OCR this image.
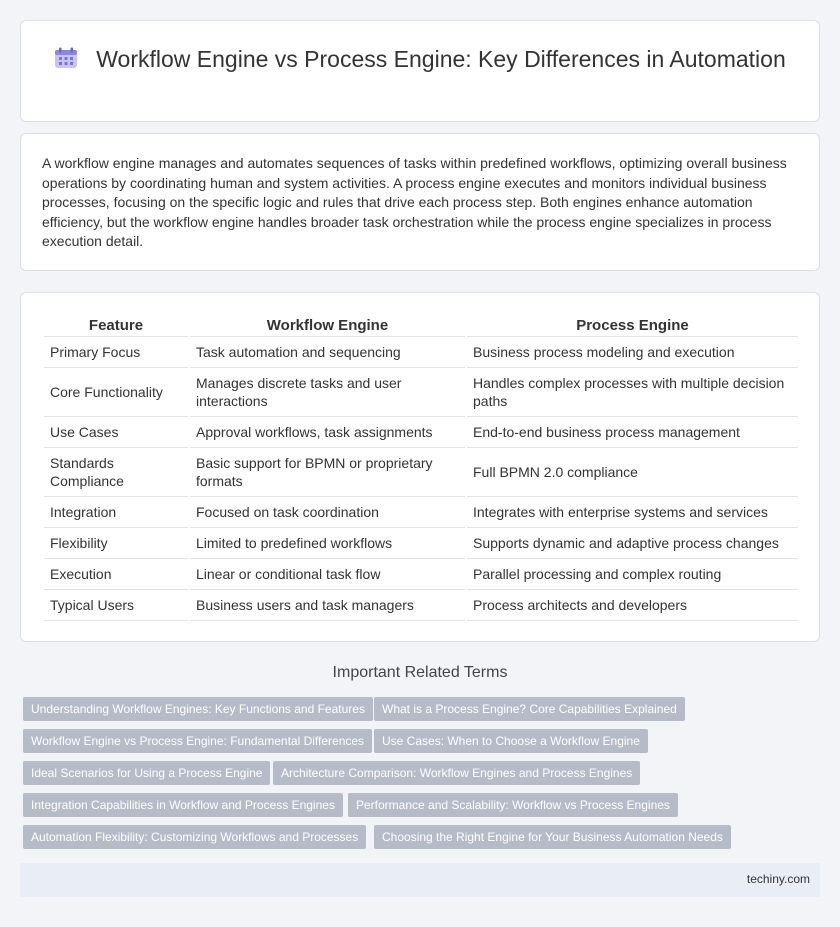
Workflow Engine vs Process Engine: Key Differences in Automation

A workflow engine manages and automates sequences of tasks within predefined workflows, optimizing overall business operations by coordinating human and system activities. A process engine executes and monitors individual business processes, focusing on the specific logic and rules that drive each process step. Both engines enhance automation efficiency, but the workflow engine handles broader task orchestration while the process engine specializes in process execution detail.

Feature	Workflow Engine	Process Engine
Primary Focus	Task automation and sequencing	Business process modeling and execution
Core Functionality	Manages discrete tasks and user interactions	Handles complex processes with multiple decision paths
Use Cases	Approval workflows, task assignments	End-to-end business process management
Standards Compliance	Basic support for BPMN or proprietary formats	Full BPMN 2.0 compliance
Integration	Focused on task coordination	Integrates with enterprise systems and services
Flexibility	Limited to predefined workflows	Supports dynamic and adaptive process changes
Execution	Linear or conditional task flow	Parallel processing and complex routing
Typical Users	Business users and task managers	Process architects and developers
Important Related Terms
Understanding Workflow Engines: Key Functions and Features	What is a Process Engine? Core Capabilities Explained
Workflow Engine vs Process Engine: Fundamental Differences	Use Cases: When to Choose a Workflow Engine
Ideal Scenarios for Using a Process Engine	Architecture Comparison: Workflow Engines and Process Engines
Integration Capabilities in Workflow and Process Engines	Performance and Scalability: Workflow vs Process Engines
Automation Flexibility: Customizing Workflows and Processes	Choosing the Right Engine for Your Business Automation Needs
techiny.com
